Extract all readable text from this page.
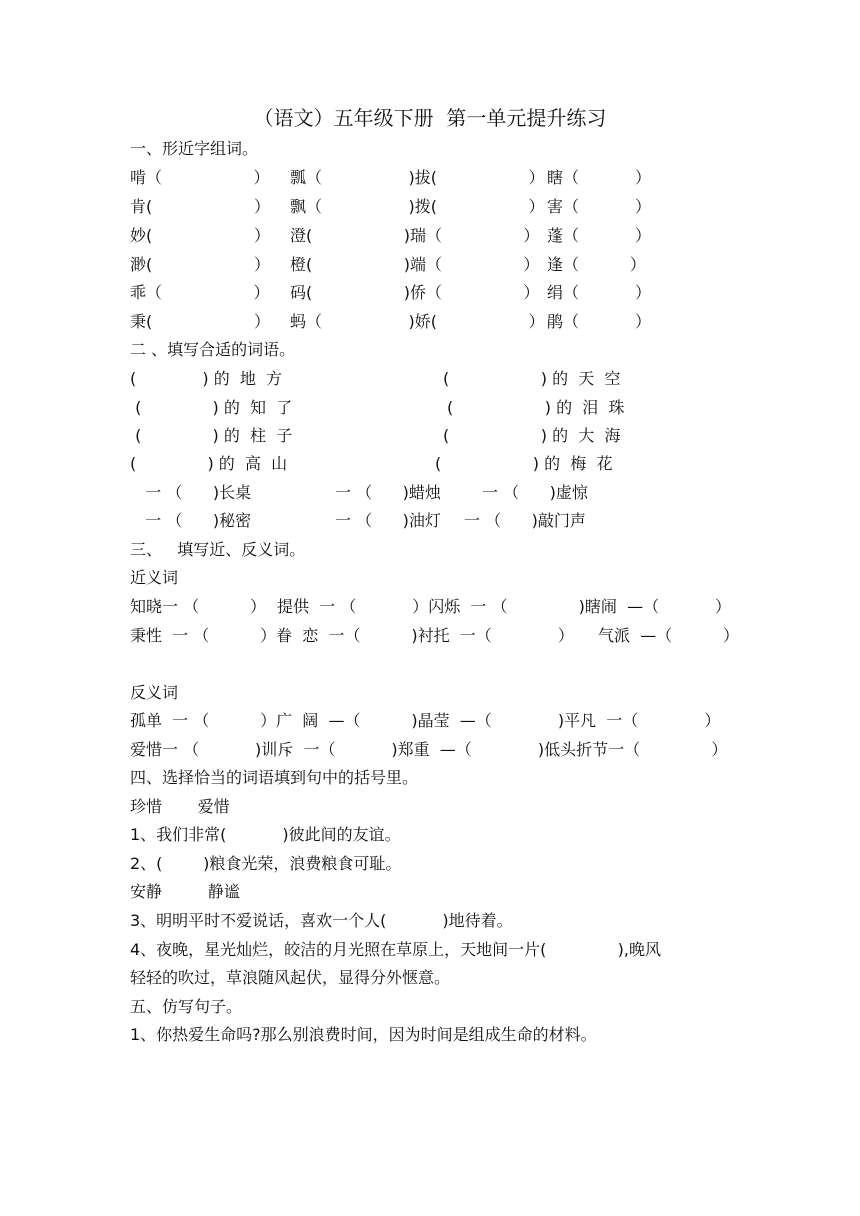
（语文）五年级下册  第一单元提升练习
一、形近字组词。
啃（                  ） 瓢（                 )拔(                  ） 瞎（           ）
肯(                    ） 飘（                 )拨(                  ） 害（           ）
妙(                    ） 澄(                  )瑞（                ） 蓬（           ）
渺(                    ） 橙(                  )端（                ） 逢（          ）
乖（                  ） 码(                  )侨（                ） 绢（           ）
秉(                    ） 蚂（                 )娇(                  ） 鹃（           ）
二 、填写合适的词语。
(             ) 的  地  方	(                  ) 的  天  空
(              ) 的  知  了	(                  ) 的  泪  珠
(              ) 的  柱  子	(                  ) 的  大  海
(              ) 的  高  山	(                  ) 的  梅  花
一 （      )长桌	一 （      )蜡烛	一 （      )虚惊
一 （      )秘密	一 （      )油灯 一 （      )敲门声
三、   填写近、反义词。
近义词
知晓一 （          ） 提供  一 （           ）闪烁  一 （              )瞎闹  —（           ）
秉性  一 （          ）眷  恋  一（          )衬托  一（             ） 气派  —（          ）
反义词
孤单  一 （          ）广  阔  —（          )晶莹  —（             )平凡  一（             ）
爱惜一 （           )训斥  一（           )郑重  —（             )低头折节一（              ）
四、选择恰当的词语填到句中的括号里。
珍惜       爱惜
1、我们非常(           )彼此间的友谊。
2、(        )粮食光荣，浪费粮食可耻。
安静         静谧
3、明明平时不爱说话，喜欢一个人(           )地待着。
4、夜晚，星光灿烂，皎洁的月光照在草原上，天地间一片(              ),晚风
轻轻的吹过，草浪随风起伏，显得分外惬意。
五、仿写句子。
1、你热爱生命吗?那么别浪费时间，因为时间是组成生命的材料。
